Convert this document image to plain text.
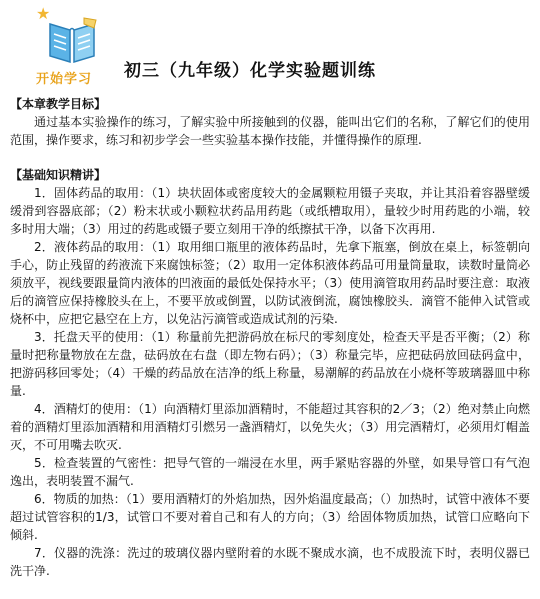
★
开始学习 初三（九年级）化学实验题训练
【本章教学目标】

通过基本实验操作的练习，了解实验中所接触到的仪器，能叫出它们的名称，了解它们的使用范围，操作要求，练习和初步学会一些实验基本操作技能，并懂得操作的原理.

【基础知识精讲】

1．固体药品的取用：（1）块状固体或密度较大的金属颗粒用镊子夹取，并让其沿着容器壁缓缓滑到容器底部；（2）粉末状或小颗粒状药品用药匙（或纸槽取用），量较少时用药匙的小端，较多时用大端；（3）用过的药匙或镊子要立刻用干净的纸擦拭干净，以备下次再用.

2．液体药品的取用：（1）取用细口瓶里的液体药品时，先拿下瓶塞，倒放在桌上，标签朝向手心，防止残留的药液流下来腐蚀标签；（2）取用一定体积液体药品可用量筒量取，读数时量筒必须放平，视线要跟量筒内液体的凹液面的最低处保持水平；（3）使用滴管取用药品时要注意：取液后的滴管应保持橡胶头在上，不要平放或倒置，以防试液倒流，腐蚀橡胶头．滴管不能伸入试管或烧杯中，应把它悬空在上方，以免沾污滴管或造成试剂的污染.

3．托盘天平的使用：（1）称量前先把游码放在标尺的零刻度处，检查天平是否平衡；（2）称量时把称量物放在左盘，砝码放在右盘（即左物右码）；（3）称量完毕，应把砝码放回砝码盒中，把游码移回零处；（4）干燥的药品放在洁净的纸上称量，易潮解的药品放在小烧杯等玻璃器皿中称量.

4．酒精灯的使用：（1）向酒精灯里添加酒精时，不能超过其容积的2／3；（2）绝对禁止向燃着的酒精灯里添加酒精和用酒精灯引燃另一盏酒精灯，以免失火；（3）用完酒精灯，必须用灯帽盖灭，不可用嘴去吹灭.

5．检查装置的气密性：把导气管的一端浸在水里，两手紧贴容器的外壁，如果导管口有气泡逸出，表明装置不漏气.

6．物质的加热：（1）要用酒精灯的外焰加热，因外焰温度最高；（）加热时，试管中液体不要超过试管容积的1/3，试管口不要对着自己和有人的方向；（3）给固体物质加热，试管口应略向下倾斜.

7．仪器的洗涤：洗过的玻璃仪器内壁附着的水既不聚成水滴，也不成股流下时，表明仪器已洗干净.
